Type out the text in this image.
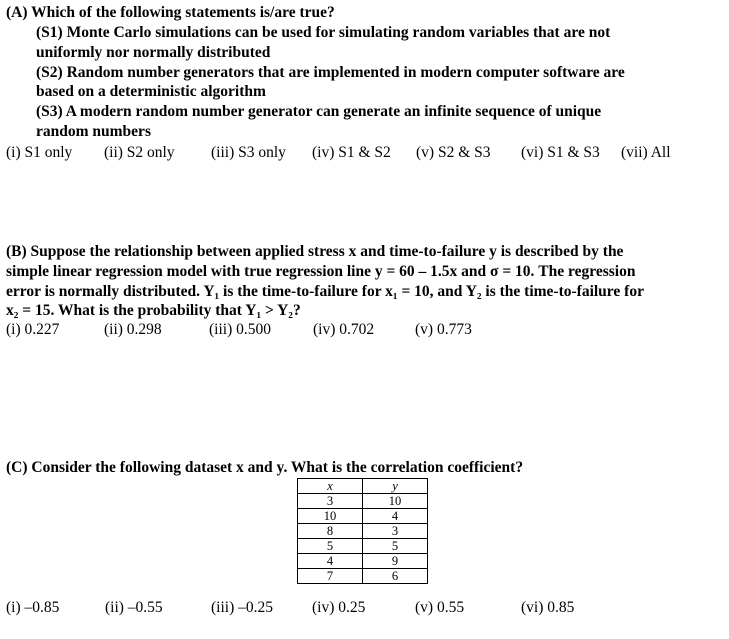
(A) Which of the following statements is/are true?
(S1) Monte Carlo simulations can be used for simulating random variables that are not
uniformly nor normally distributed
(S2) Random number generators that are implemented in modern computer software are
based on a deterministic algorithm
(S3) A modern random number generator can generate an infinite sequence of unique
random numbers
(i) S1 only (ii) S2 only (iii) S3 only (iv) S1 & S2 (v) S2 & S3 (vi) S1 & S3 (vii) All
(B) Suppose the relationship between applied stress x and time-to-failure y is described by the
simple linear regression model with true regression line y = 60 – 1.5x and σ = 10. The regression
error is normally distributed. Y₁ is the time-to-failure for x₁ = 10, and Y₂ is the time-to-failure for
x₂ = 15. What is the probability that Y₁ > Y₂?
(i) 0.227	(ii) 0.298	(iii) 0.500	(iv) 0.702	(v) 0.773
(C) Consider the following dataset x and y. What is the correlation coefficient?
x	y
3	10
10	4
8	3
5	5
4	9
7	6
(i) –0.85	(ii) –0.55	(iii) –0.25	(iv) 0.25	(v) 0.55	(vi) 0.85
